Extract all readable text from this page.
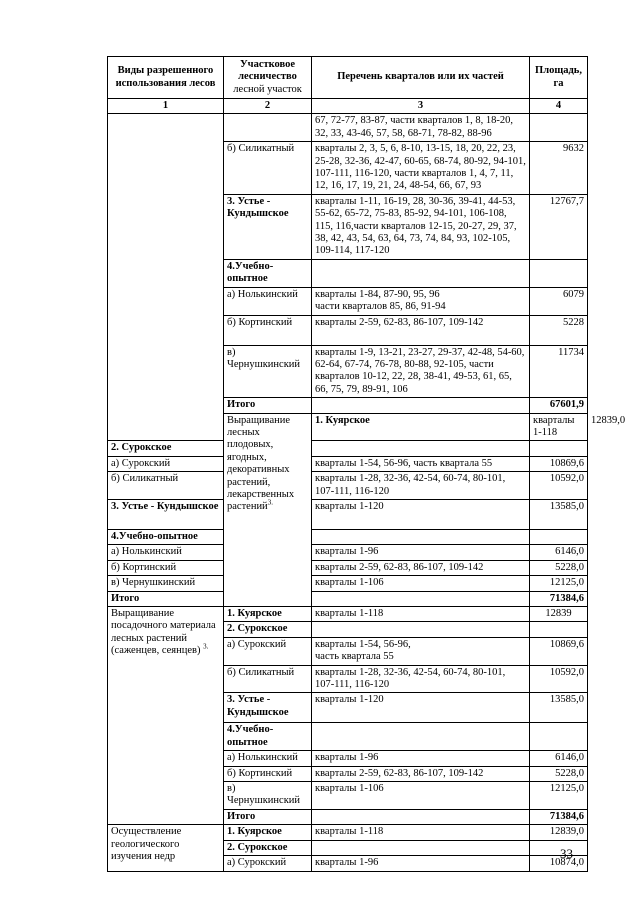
Виды разрешенного использования лесов	Участковое лесничество
лесной участок	Перечень кварталов или их частей	Площадь, га	
1	2	3	4	
		67, 72-77, 83-87, части кварталов 1, 8, 18-20, 32, 33, 43-46, 57, 58, 68-71, 78-82, 88-96		
	б) Силикатный	кварталы 2, 3, 5, 6, 8-10, 13-15, 18, 20, 22, 23, 25-28, 32-36, 42-47, 60-65, 68-74, 80-92, 94-101, 107-111, 116-120, части кварталов 1, 4, 7, 11, 12, 16, 17, 19, 21, 24, 48-54, 66, 67, 93	9632	
	3. Устье - Кундышское	кварталы 1-11, 16-19, 28, 30-36, 39-41, 44-53, 55-62, 65-72, 75-83, 85-92, 94-101, 106-108, 115, 116,части кварталов 12-15, 20-27, 29, 37, 38, 42, 43, 54, 63, 64, 73, 74, 84, 93, 102-105, 109-114, 117-120	12767,7	
	4.Учебно-опытное			
	а) Нолькинский	кварталы 1-84, 87-90, 95, 96
части кварталов 85, 86, 91-94	6079	
	б) Кортинский	кварталы 2-59, 62-83, 86-107, 109-142	5228	
	в) Чернушкинский	кварталы 1-9, 13-21, 23-27, 29-37, 42-48, 54-60, 62-64, 67-74, 76-78, 80-88, 92-105, части кварталов 10-12, 22, 28, 38-41, 49-53, 61, 65, 66, 75, 79, 89-91, 106	11734	
	Итого		67601,9	
	Выращивание лесных плодовых, ягодных, декоративных растений, лекарственных растений$^{3.}$	1. Куярское	кварталы 1-118	12839,0
2. Сурокское				
а) Сурокский		кварталы 1-54, 56-96, часть квартала 55	10869,6	
б) Силикатный		кварталы 1-28, 32-36, 42-54, 60-74, 80-101, 107-111, 116-120	10592,0	
3. Устье - Кундышское		кварталы 1-120	13585,0	
4.Учебно-опытное				
а) Нолькинский		кварталы 1-96	6146,0	
б) Кортинский		кварталы 2-59, 62-83, 86-107, 109-142	5228,0	
в) Чернушкинский		кварталы 1-106	12125,0	
Итого			71384,6	
Выращивание посадочного материала лесных растений (саженцев, сеянцев) $^{3.}$	1. Куярское	кварталы 1-118	12839	
	2. Сурокское			
	а) Сурокский	кварталы 1-54, 56-96,
часть квартала 55	10869,6	
	б) Силикатный	кварталы 1-28, 32-36, 42-54, 60-74, 80-101, 107-111, 116-120	10592,0	
	3. Устье - Кундышское	кварталы 1-120	13585,0	
	4.Учебно-опытное			
	а) Нолькинский	кварталы 1-96	6146,0	
	б) Кортинский	кварталы 2-59, 62-83, 86-107, 109-142	5228,0	
	в) Чернушкинский	кварталы 1-106	12125,0	
	Итого		71384,6	
Осуществление геологического изучения недр	1. Куярское	кварталы 1-118	12839,0	
	2. Сурокское			
	а) Сурокский	кварталы 1-96	10874,0	
33
